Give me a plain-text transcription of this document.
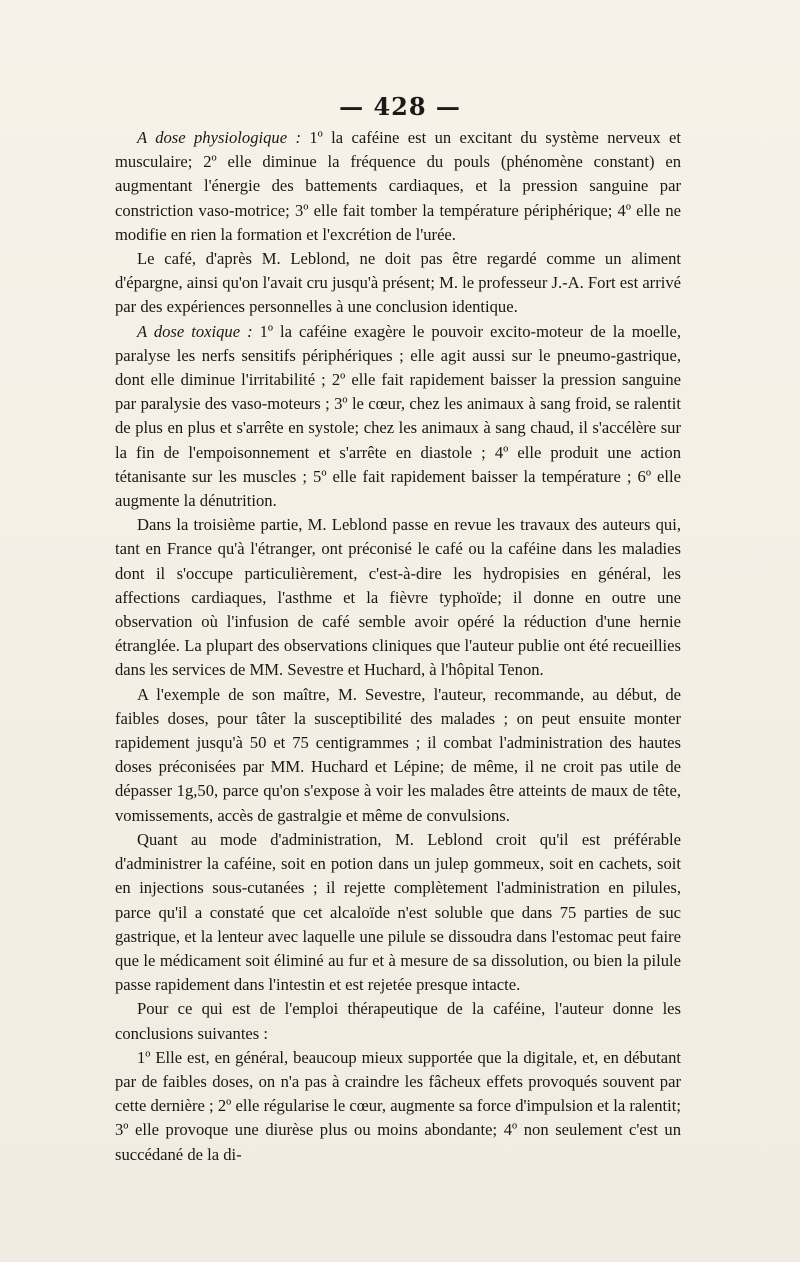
— 428 —

A dose physiologique : 1º la caféine est un excitant du système nerveux et musculaire; 2º elle diminue la fréquence du pouls (phénomène constant) en augmentant l'énergie des battements cardiaques, et la pression sanguine par constriction vaso-motrice; 3º elle fait tomber la température périphérique; 4º elle ne modifie en rien la formation et l'excrétion de l'urée.

Le café, d'après M. Leblond, ne doit pas être regardé comme un aliment d'épargne, ainsi qu'on l'avait cru jusqu'à présent; M. le professeur J.-A. Fort est arrivé par des expériences personnelles à une conclusion identique.

A dose toxique : 1º la caféine exagère le pouvoir excito-moteur de la moelle, paralyse les nerfs sensitifs périphériques ; elle agit aussi sur le pneumo-gastrique, dont elle diminue l'irritabilité ; 2º elle fait rapidement baisser la pression sanguine par paralysie des vaso-moteurs ; 3º le cœur, chez les animaux à sang froid, se ralentit de plus en plus et s'arrête en systole; chez les animaux à sang chaud, il s'accélère sur la fin de l'empoisonnement et s'arrête en diastole ; 4º elle produit une action tétanisante sur les muscles ; 5º elle fait rapidement baisser la température ; 6º elle augmente la dénutrition.

Dans la troisième partie, M. Leblond passe en revue les travaux des auteurs qui, tant en France qu'à l'étranger, ont préconisé le café ou la caféine dans les maladies dont il s'occupe particulièrement, c'est-à-dire les hydropisies en général, les affections cardiaques, l'asthme et la fièvre typhoïde; il donne en outre une observation où l'infusion de café semble avoir opéré la réduction d'une hernie étranglée. La plupart des observations cliniques que l'auteur publie ont été recueillies dans les services de MM. Sevestre et Huchard, à l'hôpital Tenon.

A l'exemple de son maître, M. Sevestre, l'auteur, recommande, au début, de faibles doses, pour tâter la susceptibilité des malades ; on peut ensuite monter rapidement jusqu'à 50 et 75 centigrammes ; il combat l'administration des hautes doses préconisées par MM. Huchard et Lépine; de même, il ne croit pas utile de dépasser 1g,50, parce qu'on s'expose à voir les malades être atteints de maux de tête, vomissements, accès de gastralgie et même de convulsions.

Quant au mode d'administration, M. Leblond croit qu'il est préférable d'administrer la caféine, soit en potion dans un julep gommeux, soit en cachets, soit en injections sous-cutanées ; il rejette complètement l'administration en pilules, parce qu'il a constaté que cet alcaloïde n'est soluble que dans 75 parties de suc gastrique, et la lenteur avec laquelle une pilule se dissoudra dans l'estomac peut faire que le médicament soit éliminé au fur et à mesure de sa dissolution, ou bien la pilule passe rapidement dans l'intestin et est rejetée presque intacte.

Pour ce qui est de l'emploi thérapeutique de la caféine, l'auteur donne les conclusions suivantes :

1º Elle est, en général, beaucoup mieux supportée que la digitale, et, en débutant par de faibles doses, on n'a pas à craindre les fâcheux effets provoqués souvent par cette dernière ; 2º elle régularise le cœur, augmente sa force d'impulsion et la ralentit; 3º elle provoque une diurèse plus ou moins abondante; 4º non seulement c'est un succédané de la di-
